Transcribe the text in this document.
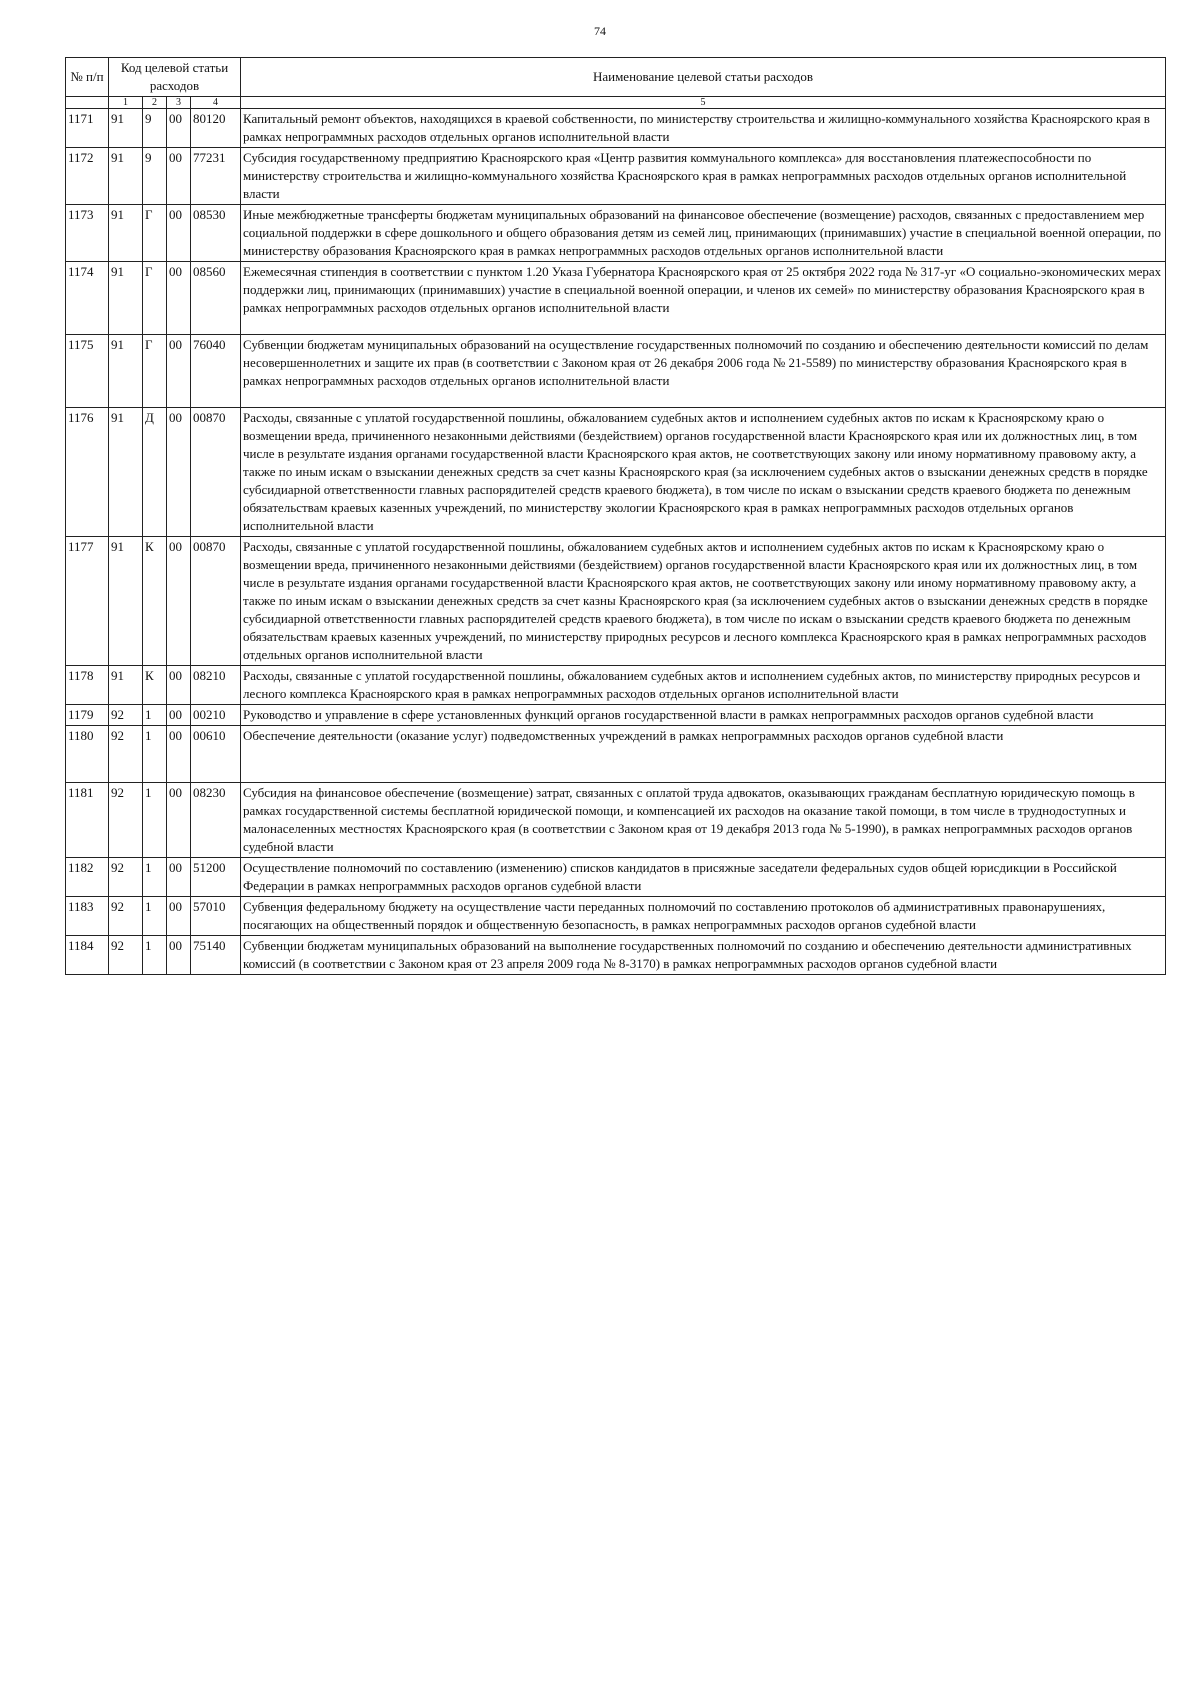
74
№ п/п	Код целевой статьи расходов				Наименование целевой статьи расходов
	1	2	3	4	5
1171	91	9	00	80120	Капитальный ремонт объектов, находящихся в краевой собственности, по министерству строительства и жилищно-коммунального хозяйства Красноярского края в рамках непрограммных расходов отдельных органов исполнительной власти
1172	91	9	00	77231	Субсидия государственному предприятию Красноярского края «Центр развития коммунального комплекса» для восстановления платежеспособности по министерству строительства и жилищно-коммунального хозяйства Красноярского края в рамках непрограммных расходов отдельных органов исполнительной власти
1173	91	Г	00	08530	Иные межбюджетные трансферты бюджетам муниципальных образований на финансовое обеспечение (возмещение) расходов, связанных с предоставлением мер социальной поддержки в сфере дошкольного и общего образования детям из семей лиц, принимающих (принимавших) участие в специальной военной операции, по министерству образования Красноярского края в рамках непрограммных расходов отдельных органов исполнительной власти
1174	91	Г	00	08560	Ежемесячная стипендия в соответствии с пунктом 1.20 Указа Губернатора Красноярского края от 25 октября 2022 года № 317-уг «О социально-экономических мерах поддержки лиц, принимающих (принимавших) участие в специальной военной операции, и членов их семей» по министерству образования Красноярского края в рамках непрограммных расходов отдельных органов исполнительной власти
1175	91	Г	00	76040	Субвенции бюджетам муниципальных образований на осуществление государственных полномочий по созданию и обеспечению деятельности комиссий по делам несовершеннолетних и защите их прав (в соответствии с Законом края от 26 декабря 2006 года № 21-5589) по министерству образования Красноярского края в рамках непрограммных расходов отдельных органов исполнительной власти
1176	91	Д	00	00870	Расходы, связанные с уплатой государственной пошлины, обжалованием судебных актов и исполнением судебных актов по искам к Красноярскому краю о возмещении вреда, причиненного незаконными действиями (бездействием) органов государственной власти Красноярского края или их должностных лиц, в том числе в результате издания органами государственной власти Красноярского края актов, не соответствующих закону или иному нормативному правовому акту, а также по иным искам о взыскании денежных средств за счет казны Красноярского края (за исключением судебных актов о взыскании денежных средств в порядке субсидиарной ответственности главных распорядителей средств краевого бюджета), в том числе по искам о взыскании средств краевого бюджета по денежным обязательствам краевых казенных учреждений, по министерству экологии Красноярского края в рамках непрограммных расходов отдельных органов исполнительной власти
1177	91	К	00	00870	Расходы, связанные с уплатой государственной пошлины, обжалованием судебных актов и исполнением судебных актов по искам к Красноярскому краю о возмещении вреда, причиненного незаконными действиями (бездействием) органов государственной власти Красноярского края или их должностных лиц, в том числе в результате издания органами государственной власти Красноярского края актов, не соответствующих закону или иному нормативному правовому акту, а также по иным искам о взыскании денежных средств за счет казны Красноярского края (за исключением судебных актов о взыскании денежных средств в порядке субсидиарной ответственности главных распорядителей средств краевого бюджета), в том числе по искам о взыскании средств краевого бюджета по денежным обязательствам краевых казенных учреждений, по министерству природных ресурсов и лесного комплекса Красноярского края в рамках непрограммных расходов отдельных органов исполнительной власти
1178	91	К	00	08210	Расходы, связанные с уплатой государственной пошлины, обжалованием судебных актов и исполнением судебных актов, по министерству природных ресурсов и лесного комплекса Красноярского края в рамках непрограммных расходов отдельных органов исполнительной власти
1179	92	1	00	00210	Руководство и управление в сфере установленных функций органов государственной власти в рамках непрограммных расходов органов судебной власти
1180	92	1	00	00610	Обеспечение деятельности (оказание услуг) подведомственных учреждений в рамках непрограммных расходов органов судебной власти
1181	92	1	00	08230	Субсидия на финансовое обеспечение (возмещение) затрат, связанных с оплатой труда адвокатов, оказывающих гражданам бесплатную юридическую помощь в рамках государственной системы бесплатной юридической помощи, и компенсацией их расходов на оказание такой помощи, в том числе в труднодоступных и малонаселенных местностях Красноярского края (в соответствии с Законом края от 19 декабря 2013 года № 5-1990), в рамках непрограммных расходов органов судебной власти
1182	92	1	00	51200	Осуществление полномочий по составлению (изменению) списков кандидатов в присяжные заседатели федеральных судов общей юрисдикции в Российской Федерации в рамках непрограммных расходов органов судебной власти
1183	92	1	00	57010	Субвенция федеральному бюджету на осуществление части переданных полномочий по составлению протоколов об административных правонарушениях, посягающих на общественный порядок и общественную безопасность, в рамках непрограммных расходов органов судебной власти
1184	92	1	00	75140	Субвенции бюджетам муниципальных образований на выполнение государственных полномочий по созданию и обеспечению деятельности административных комиссий (в соответствии с Законом края от 23 апреля 2009 года № 8-3170) в рамках непрограммных расходов органов судебной власти
